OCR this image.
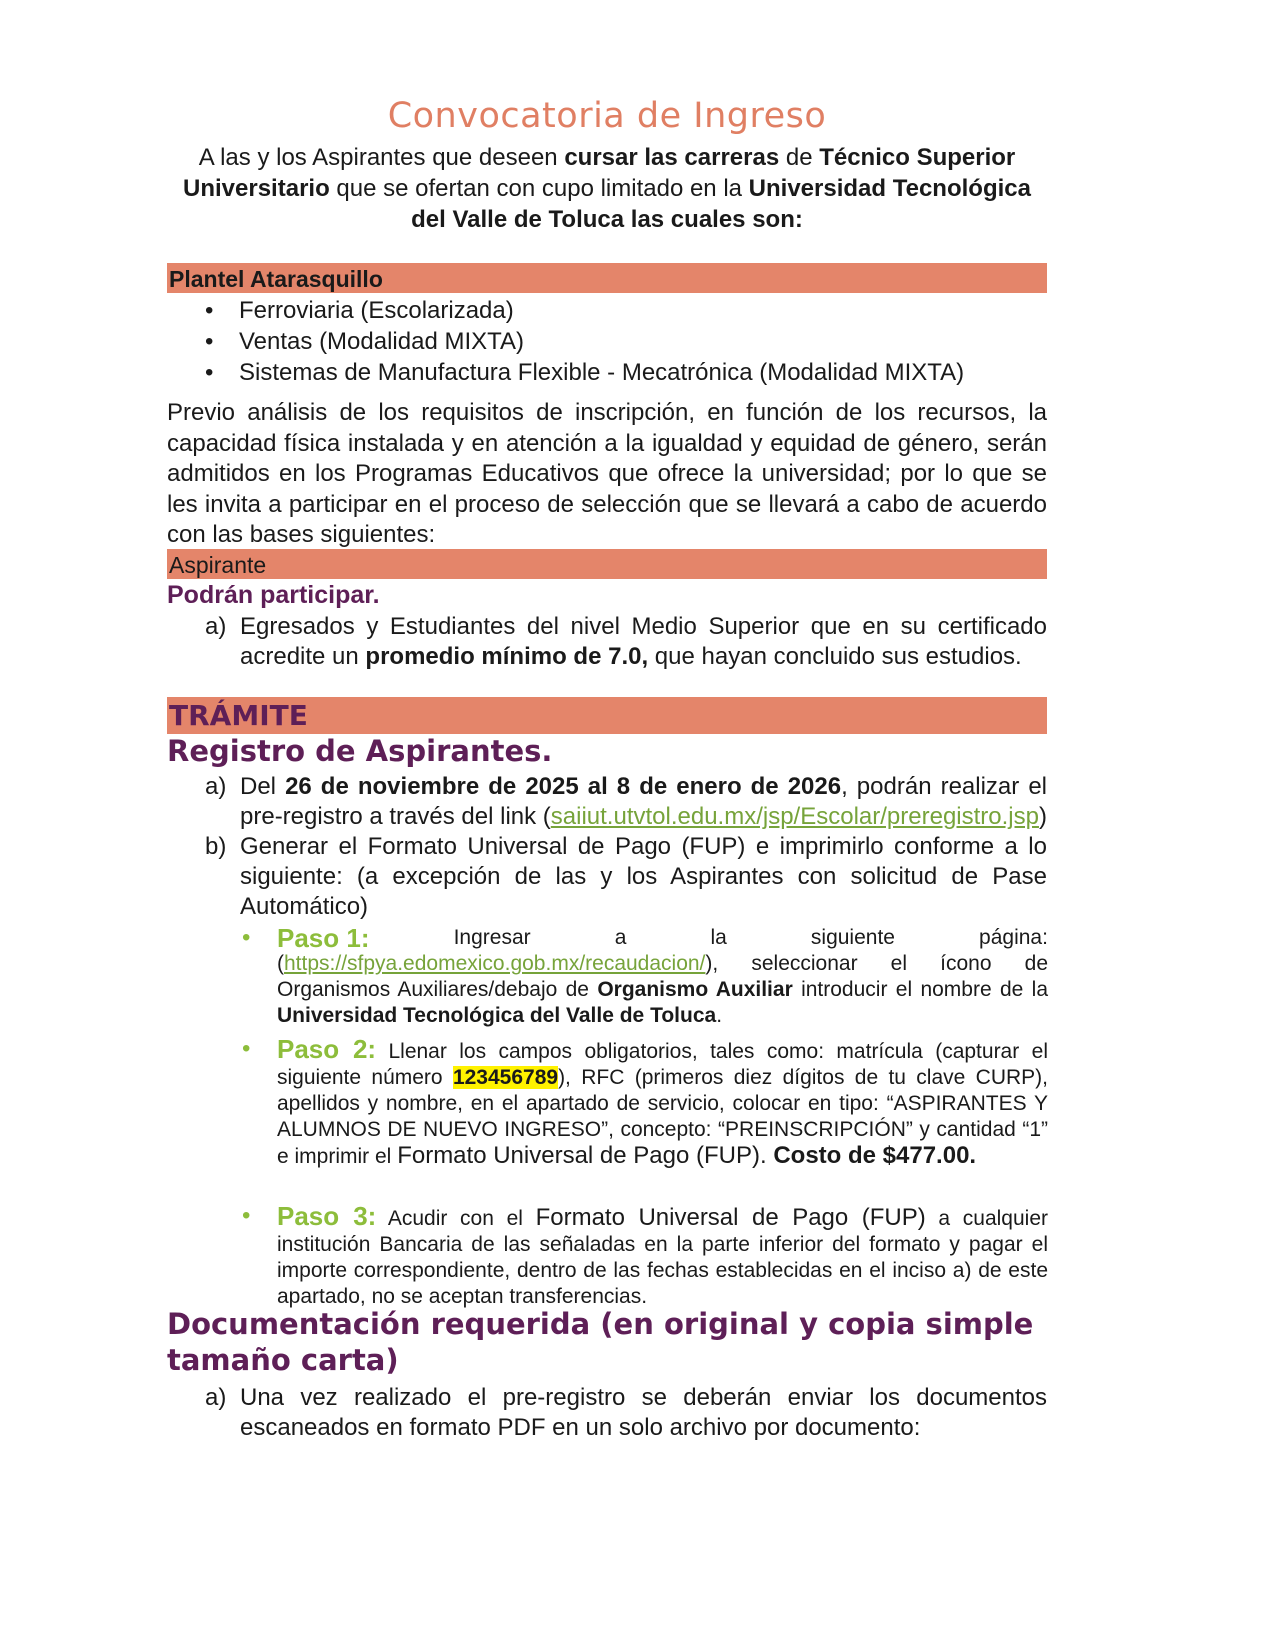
Convocatoria de Ingreso
A las y los Aspirantes que deseen cursar las carreras de Técnico Superior Universitario que se ofertan con cupo limitado en la Universidad Tecnológica del Valle de Toluca las cuales son:
Plantel Atarasquillo
• Ferroviaria (Escolarizada)
• Ventas (Modalidad MIXTA)
• Sistemas de Manufactura Flexible - Mecatrónica (Modalidad MIXTA)
Previo análisis de los requisitos de inscripción, en función de los recursos, la capacidad física instalada y en atención a la igualdad y equidad de género, serán admitidos en los Programas Educativos que ofrece la universidad; por lo que se les invita a participar en el proceso de selección que se llevará a cabo de acuerdo con las bases siguientes:
Aspirante
Podrán participar.
a) Egresados y Estudiantes del nivel Medio Superior que en su certificado acredite un promedio mínimo de 7.0, que hayan concluido sus estudios.
TRÁMITE
Registro de Aspirantes.
a) Del 26 de noviembre de 2025 al 8 de enero de 2026, podrán realizar el pre-registro a través del link (saiiut.utvtol.edu.mx/jsp/Escolar/preregistro.jsp)
b) Generar el Formato Universal de Pago (FUP) e imprimirlo conforme a lo siguiente: (a excepción de las y los Aspirantes con solicitud de Pase Automático)
• Paso 1:	Ingresar	a	la	siguiente	página:
(https://sfpya.edomexico.gob.mx/recaudacion/), seleccionar el ícono de Organismos Auxiliares/debajo de Organismo Auxiliar introducir el nombre de la Universidad Tecnológica del Valle de Toluca.
• Paso 2: Llenar los campos obligatorios, tales como: matrícula (capturar el siguiente número 123456789), RFC (primeros diez dígitos de tu clave CURP), apellidos y nombre, en el apartado de servicio, colocar en tipo: “ASPIRANTES Y ALUMNOS DE NUEVO INGRESO”, concepto: “PREINSCRIPCIÓN” y cantidad “1” e imprimir el Formato Universal de Pago (FUP). Costo de $477.00.
• Paso 3: Acudir con el Formato Universal de Pago (FUP) a cualquier institución Bancaria de las señaladas en la parte inferior del formato y pagar el importe correspondiente, dentro de las fechas establecidas en el inciso a) de este apartado, no se aceptan transferencias.
Documentación requerida (en original y copia simple tamaño carta)
a) Una vez realizado el pre-registro se deberán enviar los documentos escaneados en formato PDF en un solo archivo por documento:
